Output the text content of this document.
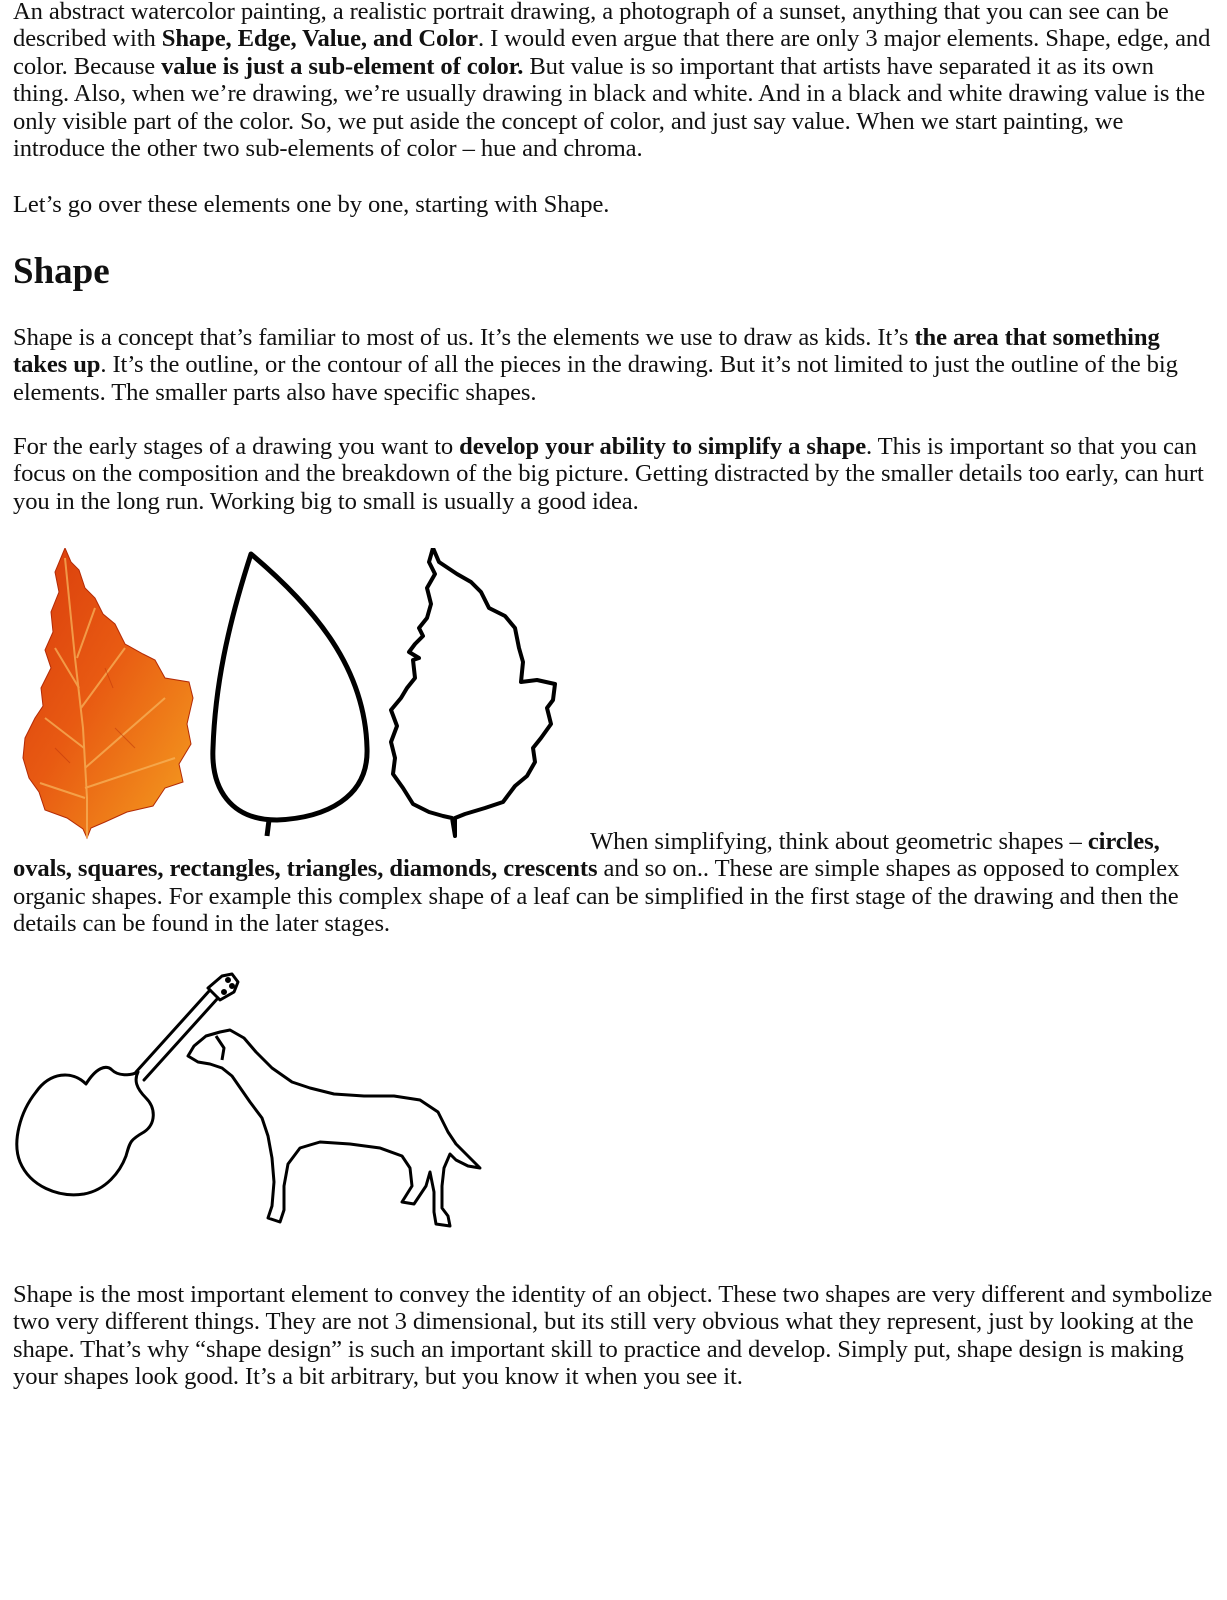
An abstract watercolor painting, a realistic portrait drawing, a photograph of a sunset, anything that you can see can be described with Shape, Edge, Value, and Color. I would even argue that there are only 3 major elements. Shape, edge, and color. Because value is just a sub-element of color. But value is so important that artists have separated it as its own thing. Also, when we’re drawing, we’re usually drawing in black and white. And in a black and white drawing value is the only visible part of the color. So, we put aside the concept of color, and just say value. When we start painting, we introduce the other two sub-elements of color – hue and chroma.

Let’s go over these elements one by one, starting with Shape.

Shape

Shape is a concept that’s familiar to most of us. It’s the elements we use to draw as kids. It’s the area that something takes up. It’s the outline, or the contour of all the pieces in the drawing. But it’s not limited to just the outline of the big elements. The smaller parts also have specific shapes.

For the early stages of a drawing you want to develop your ability to simplify a shape. This is important so that you can focus on the composition and the breakdown of the big picture. Getting distracted by the smaller details too early, can hurt you in the long run. Working big to small is usually a good idea.

When simplifying, think about geometric shapes – circles, ovals, squares, rectangles, triangles, diamonds, crescents and so on.. These are simple shapes as opposed to complex organic shapes. For example this complex shape of a leaf can be simplified in the first stage of the drawing and then the details can be found in the later stages.

Shape is the most important element to convey the identity of an object. These two shapes are very different and symbolize two very different things. They are not 3 dimensional, but its still very obvious what they represent, just by looking at the shape. That’s why “shape design” is such an important skill to practice and develop. Simply put, shape design is making your shapes look good. It’s a bit arbitrary, but you know it when you see it.
